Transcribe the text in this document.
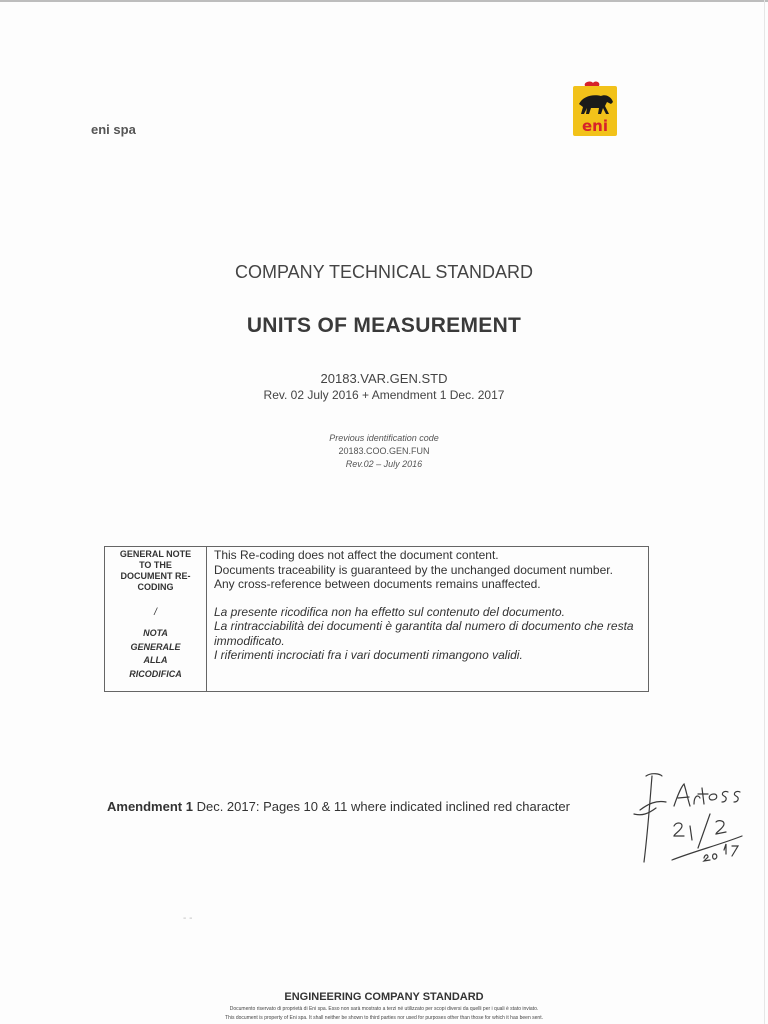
eni spa	eni
COMPANY TECHNICAL STANDARD
UNITS OF MEASUREMENT
20183.VAR.GEN.STD
Rev. 02 July 2016 + Amendment 1 Dec. 2017
Previous identification code
20183.COO.GEN.FUN
Rev.02 – July 2016
GENERAL NOTE
TO THE
DOCUMENT RE-
CODING
/
NOTA
GENERALE
ALLA
RICODIFICA

This Re-coding does not affect the document content.

Documents traceability is guaranteed by the unchanged document number.

Any cross-reference between documents remains unaffected.

La presente ricodifica non ha effetto sul contenuto del documento.

La rintracciabilità dei documenti è garantita dal numero di documento che resta immodificato.

I riferimenti incrociati fra i vari documenti rimangono validi.

Amendment 1 Dec. 2017: Pages 10 & 11 where indicated inclined red character
- -
ENGINEERING COMPANY STANDARD
Documento riservato di proprietà di Eni spa. Esso non sarà mostrato a terzi né utilizzato per scopi diversi da quelli per i quali è stato inviato.
This document is property of Eni spa. It shall neither be shown to third parties nor used for purposes other than those for which it has been sent.
